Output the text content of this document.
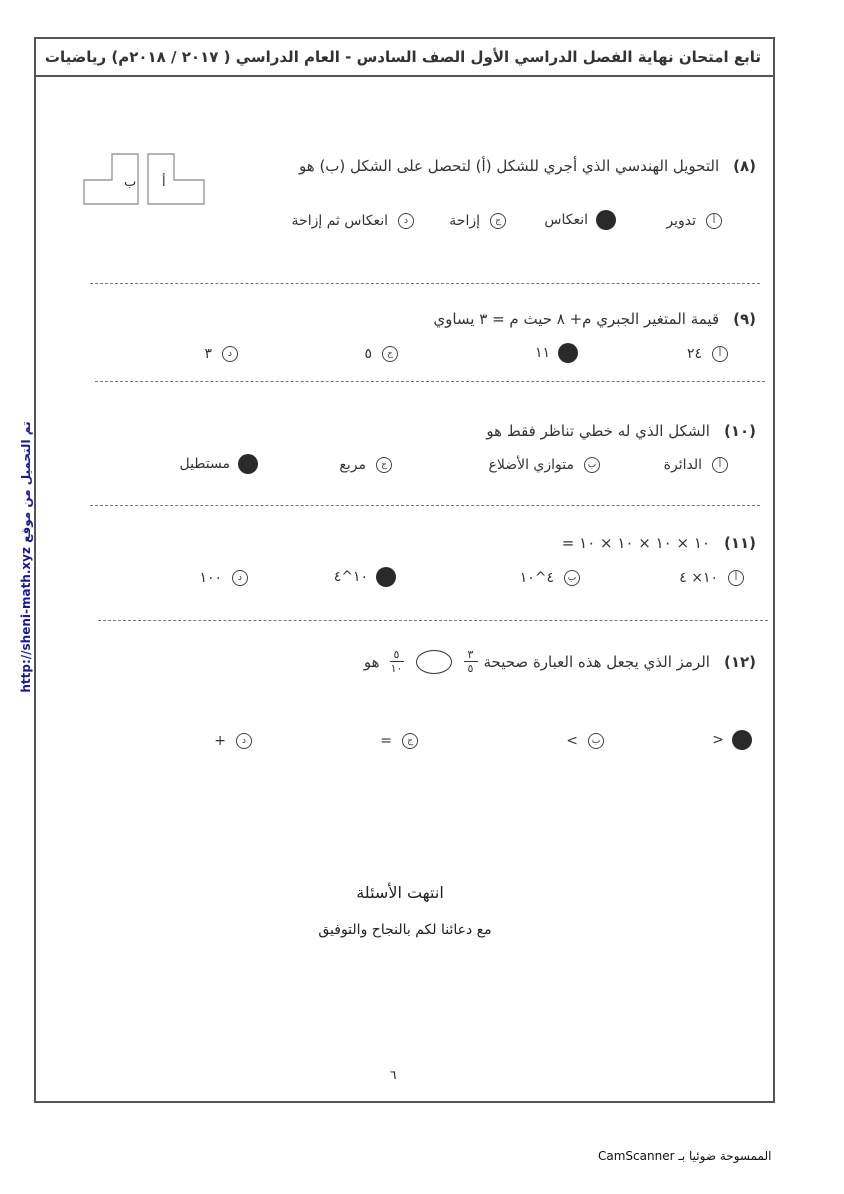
تابع امتحان نهاية الفصل الدراسي الأول الصف السادس - العام الدراسي ( ٢٠١٧ / ٢٠١٨م) رياضيات
http://sheni-math.xyz تم التحميل من موقع
ب أ
(٨)التحويل الهندسي الذي أجري للشكل (أ) لتحصل على الشكل (ب) هو
أ
تدوير
انعكاس
ج
إزاحة
د
انعكاس ثم إزاحة
(٩)قيمة المتغير الجبري م+ ٨ حيث م = ٣ يساوي
أ
٢٤
١١
ج
٥
د
٣
(١٠)الشكل الذي له خطي تناظر فقط هو
أ
الدائرة
ب
متوازي الأضلاع
ج
مربع
مستطيل
(١١)١٠ × ١٠ × ١٠ × ١٠ =
أ
١٠× ٤
ب
٤^١٠
١٠^٤
د
١٠٠
(١٢)
الرمز الذي يجعل هذه العبارة صحيحة
$\frac{٣}{٥}$
$\frac{٥}{١٠}$
هو
<
ب
>
ج
=
د
+
انتهت الأسئلة
مع دعائنا لكم بالنجاح والتوفيق
٦
الممسوحة ضوئيا بـ CamScanner
